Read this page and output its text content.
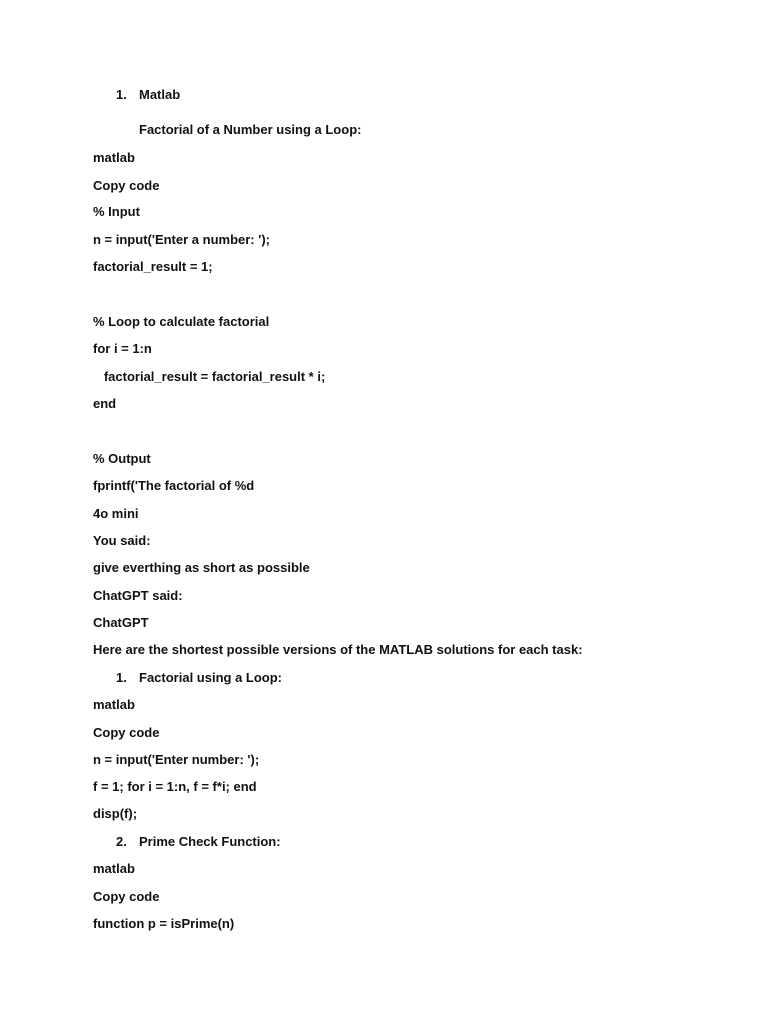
1. Matlab
Factorial of a Number using a Loop:
matlab
Copy code
% Input
n = input('Enter a number: ');
factorial_result = 1;
% Loop to calculate factorial
for i = 1:n
factorial_result = factorial_result * i;
end
% Output
fprintf('The factorial of %d
4o mini
You said:
give everthing as short as possible
ChatGPT said:
ChatGPT
Here are the shortest possible versions of the MATLAB solutions for each task:
1. Factorial using a Loop:
matlab
Copy code
n = input('Enter number: ');
f = 1; for i = 1:n, f = f*i; end
disp(f);
2. Prime Check Function:
matlab
Copy code
function p = isPrime(n)
